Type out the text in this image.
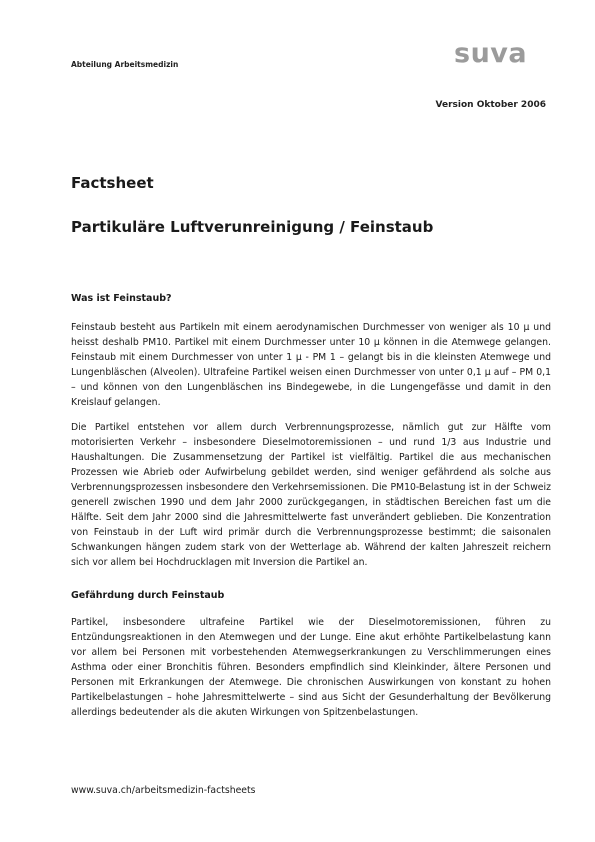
Abteilung Arbeitsmedizin	suva
Version Oktober 2006
Factsheet
Partikuläre Luftverunreinigung / Feinstaub
Was ist Feinstaub?

Feinstaub besteht aus Partikeln mit einem aerodynamischen Durchmesser von weniger als 10 μ und heisst deshalb PM10. Partikel mit einem Durchmesser unter 10 μ können in die Atemwege gelangen. Feinstaub mit einem Durchmesser von unter 1 μ - PM 1 – gelangt bis in die kleinsten Atemwege und Lungenbläschen (Alveolen). Ultrafeine Partikel weisen einen Durchmesser von unter 0,1 μ auf – PM 0,1 – und können von den Lungenbläschen ins Bindegewebe, in die Lungengefässe und damit in den Kreislauf gelangen.

Die Partikel entstehen vor allem durch Verbrennungsprozesse, nämlich gut zur Hälfte vom motorisierten Verkehr – insbesondere Dieselmotoremissionen – und rund 1/3 aus Industrie und Haushaltungen. Die Zusammensetzung der Partikel ist vielfältig. Partikel die aus mechanischen Prozessen wie Abrieb oder Aufwirbelung gebildet werden, sind weniger gefährdend als solche aus Verbrennungsprozessen insbesondere den Verkehrsemissionen. Die PM10-Belastung ist in der Schweiz generell zwischen 1990 und dem Jahr 2000 zurückgegangen, in städtischen Bereichen fast um die Hälfte. Seit dem Jahr 2000 sind die Jahresmittelwerte fast unverändert geblieben. Die Konzentration von Feinstaub in der Luft wird primär durch die Verbrennungsprozesse bestimmt; die saisonalen Schwankungen hängen zudem stark von der Wetterlage ab. Während der kalten Jahreszeit reichern sich vor allem bei Hochdrucklagen mit Inversion die Partikel an.

Gefährdung durch Feinstaub

Partikel, insbesondere ultrafeine Partikel wie der Dieselmotoremissionen, führen zu Entzündungsreaktionen in den Atemwegen und der Lunge. Eine akut erhöhte Partikelbelastung kann vor allem bei Personen mit vorbestehenden Atemwegserkrankungen zu Verschlimmerungen eines Asthma oder einer Bronchitis führen. Besonders empfindlich sind Kleinkinder, ältere Personen und Personen mit Erkrankungen der Atemwege. Die chronischen Auswirkungen von konstant zu hohen Partikelbelastungen – hohe Jahresmittelwerte – sind aus Sicht der Gesunderhaltung der Bevölkerung allerdings bedeutender als die akuten Wirkungen von Spitzenbelastungen.

www.suva.ch/arbeitsmedizin-factsheets
